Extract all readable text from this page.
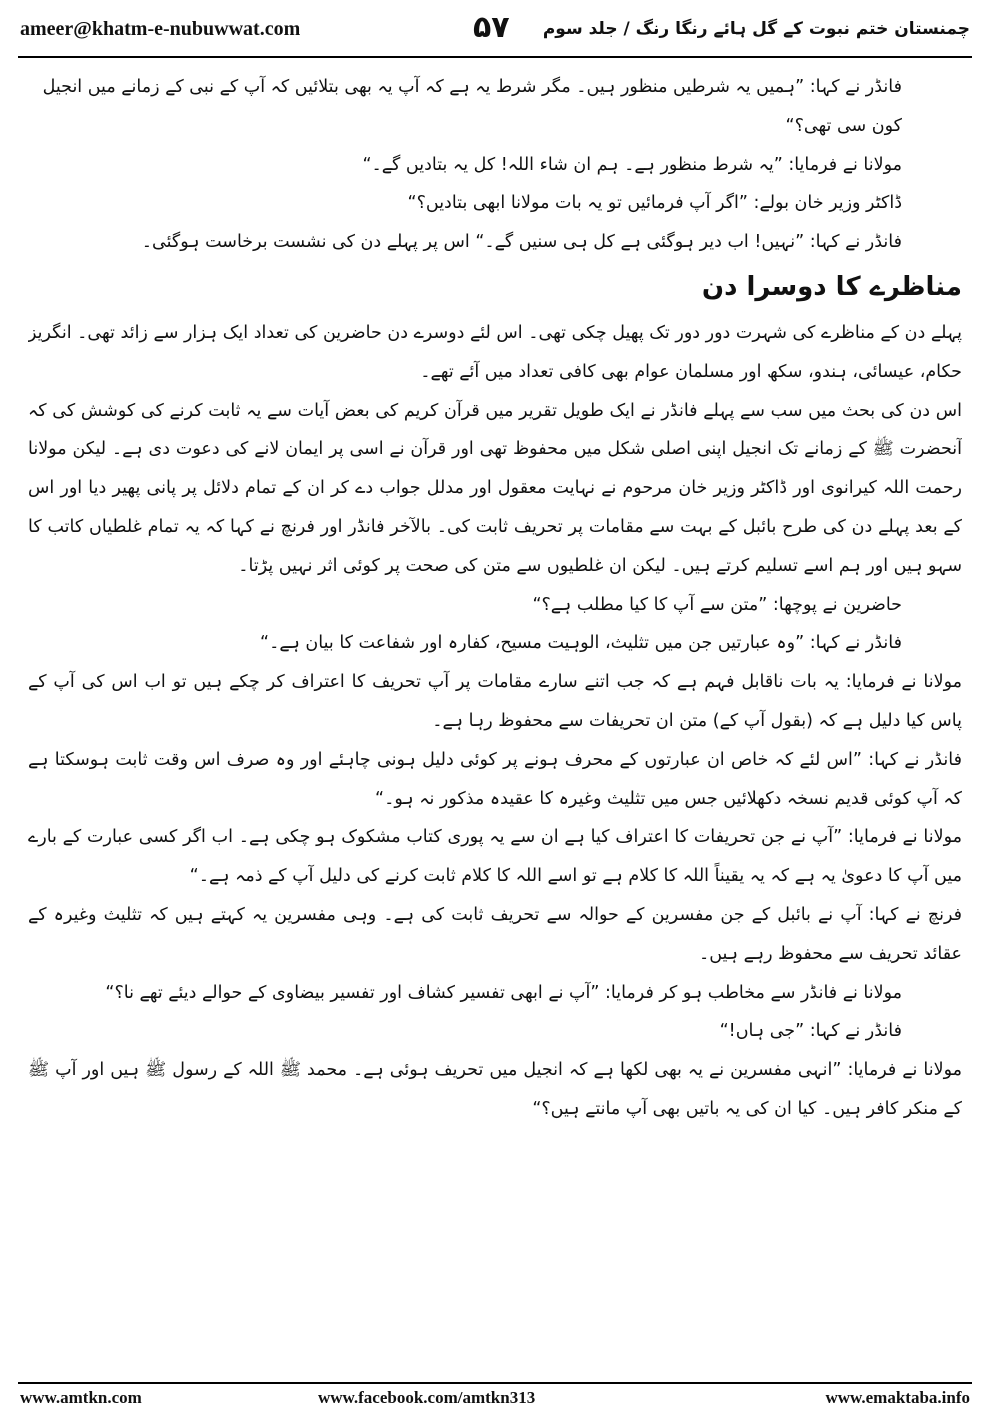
ameer@khatm-e-nubuwwat.com	۵۷ چمنستان ختم نبوت کے گل ہائے رنگا رنگ / جلد سوم

فانڈر نے کہا: ”ہمیں یہ شرطیں منظور ہیں۔ مگر شرط یہ ہے کہ آپ یہ بھی بتلائیں کہ آپ کے نبی کے زمانے میں انجیل کون سی تھی؟“

مولانا نے فرمایا: ”یہ شرط منظور ہے۔ ہم ان شاء اللہ! کل یہ بتادیں گے۔“

ڈاکٹر وزیر خان بولے: ”اگر آپ فرمائیں تو یہ بات مولانا ابھی بتادیں؟“

فانڈر نے کہا: ”نہیں! اب دیر ہوگئی ہے کل ہی سنیں گے۔“ اس پر پہلے دن کی نشست برخاست ہوگئی۔

مناظرے کا دوسرا دن

پہلے دن کے مناظرے کی شہرت دور دور تک پھیل چکی تھی۔ اس لئے دوسرے دن حاضرین کی تعداد ایک ہزار سے زائد تھی۔ انگریز حکام، عیسائی، ہندو، سکھ اور مسلمان عوام بھی کافی تعداد میں آئے تھے۔

اس دن کی بحث میں سب سے پہلے فانڈر نے ایک طویل تقریر میں قرآن کریم کی بعض آیات سے یہ ثابت کرنے کی کوشش کی کہ آنحضرت ﷺ کے زمانے تک انجیل اپنی اصلی شکل میں محفوظ تھی اور قرآن نے اسی پر ایمان لانے کی دعوت دی ہے۔ لیکن مولانا رحمت اللہ کیرانوی اور ڈاکٹر وزیر خان مرحوم نے نہایت معقول اور مدلل جواب دے کر ان کے تمام دلائل پر پانی پھیر دیا اور اس کے بعد پہلے دن کی طرح بائبل کے بہت سے مقامات پر تحریف ثابت کی۔ بالآخر فانڈر اور فرنچ نے کہا کہ یہ تمام غلطیاں کاتب کا سہو ہیں اور ہم اسے تسلیم کرتے ہیں۔ لیکن ان غلطیوں سے متن کی صحت پر کوئی اثر نہیں پڑتا۔

حاضرین نے پوچھا: ”متن سے آپ کا کیا مطلب ہے؟“

فانڈر نے کہا: ”وہ عبارتیں جن میں تثلیث، الوہیت مسیح، کفارہ اور شفاعت کا بیان ہے۔“

مولانا نے فرمایا: یہ بات ناقابل فہم ہے کہ جب اتنے سارے مقامات پر آپ تحریف کا اعتراف کر چکے ہیں تو اب اس کی آپ کے پاس کیا دلیل ہے کہ (بقول آپ کے) متن ان تحریفات سے محفوظ رہا ہے۔

فانڈر نے کہا: ”اس لئے کہ خاص ان عبارتوں کے محرف ہونے پر کوئی دلیل ہونی چاہئے اور وہ صرف اس وقت ثابت ہوسکتا ہے کہ آپ کوئی قدیم نسخہ دکھلائیں جس میں تثلیث وغیرہ کا عقیدہ مذکور نہ ہو۔“

مولانا نے فرمایا: ”آپ نے جن تحریفات کا اعتراف کیا ہے ان سے یہ پوری کتاب مشکوک ہو چکی ہے۔ اب اگر کسی عبارت کے بارے میں آپ کا دعویٰ یہ ہے کہ یہ یقیناً اللہ کا کلام ہے تو اسے اللہ کا کلام ثابت کرنے کی دلیل آپ کے ذمہ ہے۔“

فرنچ نے کہا: آپ نے بائبل کے جن مفسرین کے حوالہ سے تحریف ثابت کی ہے۔ وہی مفسرین یہ کہتے ہیں کہ تثلیث وغیرہ کے عقائد تحریف سے محفوظ رہے ہیں۔

مولانا نے فانڈر سے مخاطب ہو کر فرمایا: ”آپ نے ابھی تفسیر کشاف اور تفسیر بیضاوی کے حوالے دیئے تھے نا؟“

فانڈر نے کہا: ”جی ہاں!“

مولانا نے فرمایا: ”انہی مفسرین نے یہ بھی لکھا ہے کہ انجیل میں تحریف ہوئی ہے۔ محمد ﷺ اللہ کے رسول ﷺ ہیں اور آپ ﷺ کے منکر کافر ہیں۔ کیا ان کی یہ باتیں بھی آپ مانتے ہیں؟“

www.amtkn.com	www.facebook.com/amtkn313	www.emaktaba.info
